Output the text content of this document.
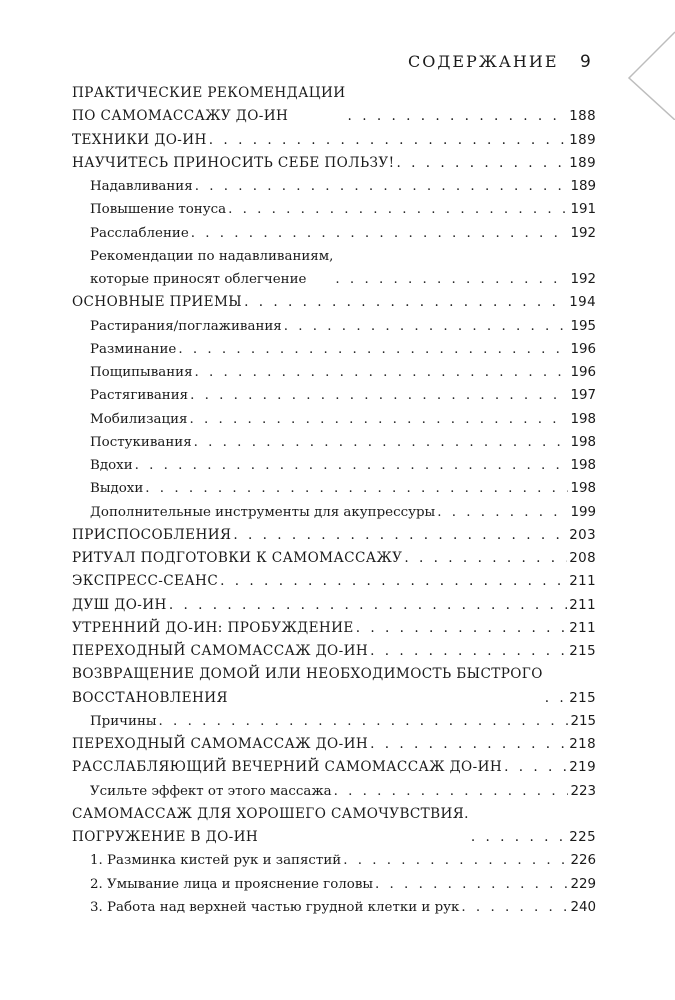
СОДЕРЖАНИЕ 9
ПРАКТИЧЕСКИЕ РЕКОМЕНДАЦИИ
ПО САМОМАССАЖУ ДО-ИН . . .	188
ТЕХНИКИ ДО-ИН . . .	189
НАУЧИТЕСЬ ПРИНОСИТЬ СЕБЕ ПОЛЬЗУ! . . .	189
Надавливания . . .	189
Повышение тонуса . . .	191
Расслабление . . .	192
Рекомендации по надавливаниям,
которые приносят облегчение . . .	192
ОСНОВНЫЕ ПРИЕМЫ . . .	194
Растирания/поглаживания . . .	195
Разминание . . .	196
Пощипывания . . .	196
Растягивания . . .	197
Мобилизация . . .	198
Постукивания . . .	198
Вдохи . . .	198
Выдохи . . .	198
Дополнительные инструменты для акупрессуры . . .	199
ПРИСПОСОБЛЕНИЯ . . .	203
РИТУАЛ ПОДГОТОВКИ К САМОМАССАЖУ . . .	208
ЭКСПРЕСС-СЕАНС . . .	211
ДУШ ДО-ИН . . .	211
УТРЕННИЙ ДО-ИН: ПРОБУЖДЕНИЕ . . .	211
ПЕРЕХОДНЫЙ САМОМАССАЖ ДО-ИН . . .	215
ВОЗВРАЩЕНИЕ ДОМОЙ ИЛИ НЕОБХОДИМОСТЬ БЫСТРОГО
ВОССТАНОВЛЕНИЯ . . .	215
Причины . . .	215
ПЕРЕХОДНЫЙ САМОМАССАЖ ДО-ИН . . .	218
РАССЛАБЛЯЮЩИЙ ВЕЧЕРНИЙ САМОМАССАЖ ДО-ИН . . .	219
Усильте эффект от этого массажа . . .	223
САМОМАССАЖ ДЛЯ ХОРОШЕГО САМОЧУВСТВИЯ.
ПОГРУЖЕНИЕ В ДО-ИН . . .	225
1. Разминка кистей рук и запястий . . .	226
2. Умывание лица и прояснение головы . . .	229
3. Работа над верхней частью грудной клетки и рук . . .	240
